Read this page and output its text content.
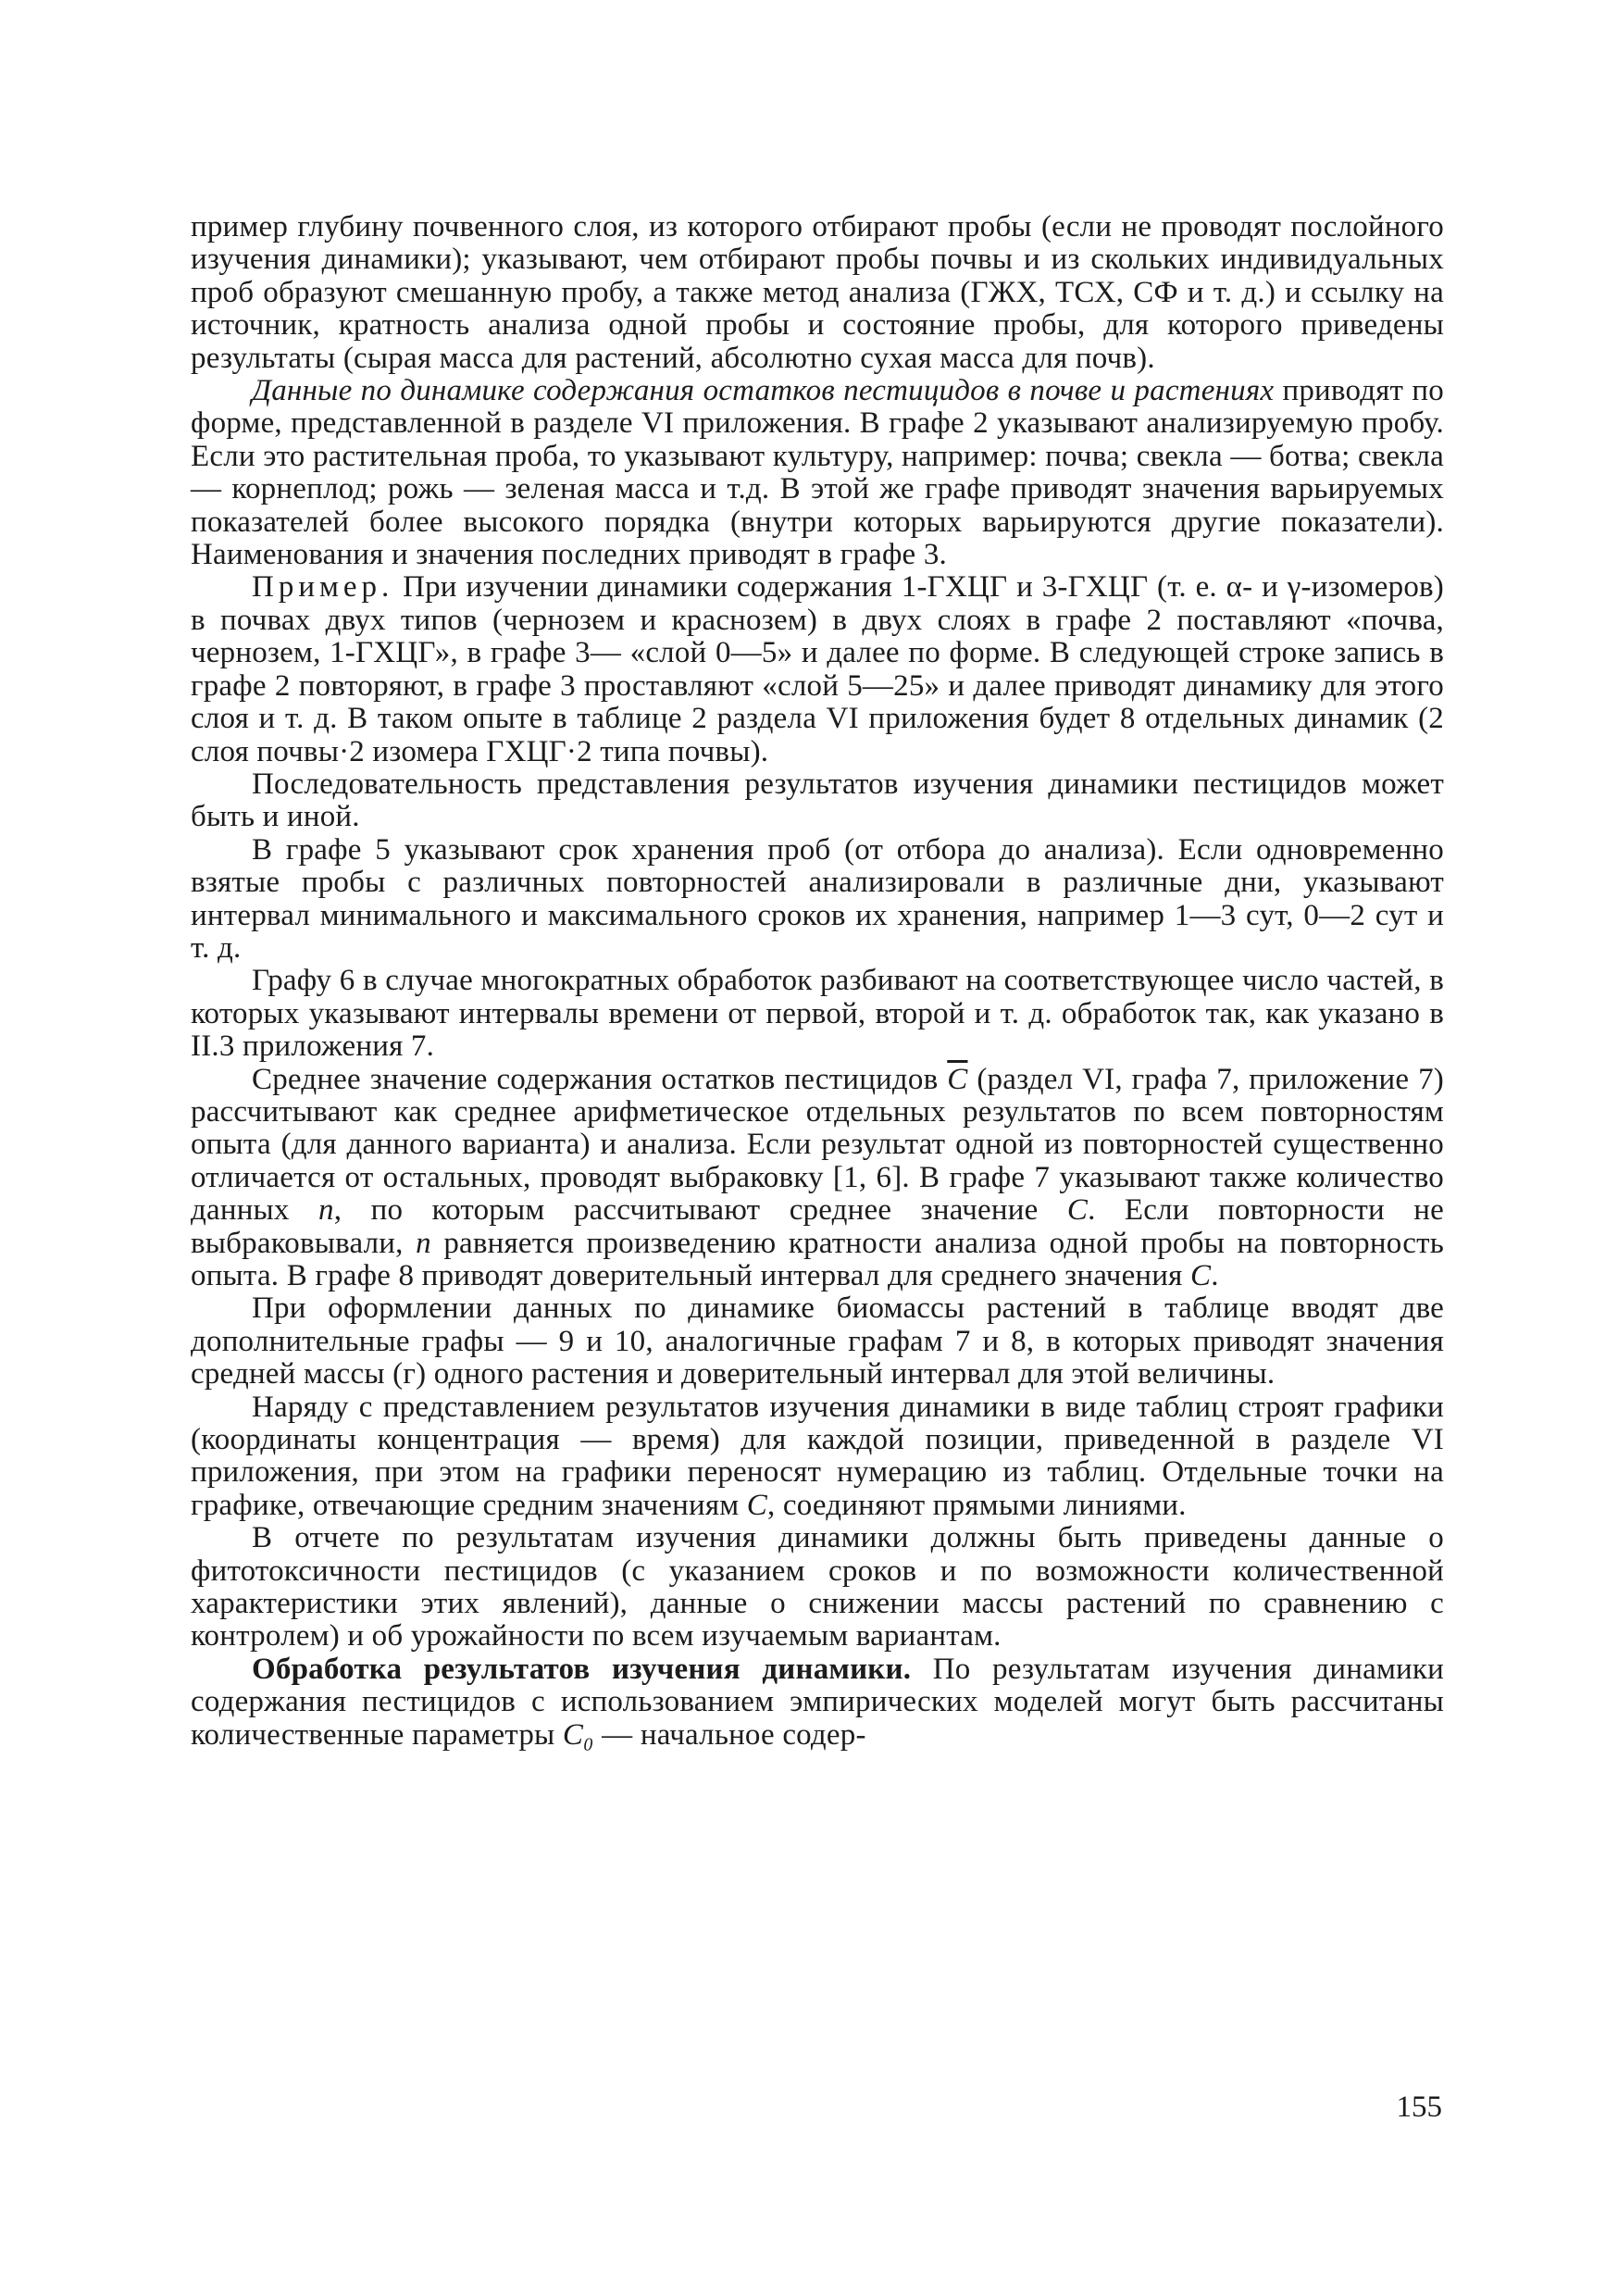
пример глубину почвенного слоя, из которого отбирают пробы (если не проводят послойного изучения динамики); указывают, чем отбирают пробы почвы и из скольких индивидуальных проб образуют смешанную пробу, а также метод анализа (ГЖХ, ТСХ, СФ и т. д.) и ссылку на источник, кратность анализа одной пробы и состояние пробы, для которого приведены результаты (сырая масса для растений, абсолютно сухая масса для почв).

Данные по динамике содержания остатков пестицидов в почве и растениях приводят по форме, представленной в разделе VI приложения. В графе 2 указывают анализируемую пробу. Если это растительная проба, то указывают культуру, например: почва; свекла — ботва; свекла — корнеплод; рожь — зеленая масса и т.д. В этой же графе приводят значения варьируемых показателей более высокого порядка (внутри которых варьируются другие показатели). Наименования и значения последних приводят в графе 3.

Пример. При изучении динамики содержания 1-ГХЦГ и 3-ГХЦГ (т. е. α- и γ-изомеров) в почвах двух типов (чернозем и краснозем) в двух слоях в графе 2 поставляют «почва, чернозем, 1-ГХЦГ», в графе 3— «слой 0—5» и далее по форме. В следующей строке запись в графе 2 повторяют, в графе 3 проставляют «слой 5—25» и далее приводят динамику для этого слоя и т. д. В таком опыте в таблице 2 раздела VI приложения будет 8 отдельных динамик (2 слоя почвы·2 изомера ГХЦГ·2 типа почвы).

Последовательность представления результатов изучения динамики пестицидов может быть и иной.

В графе 5 указывают срок хранения проб (от отбора до анализа). Если одновременно взятые пробы с различных повторностей анализировали в различные дни, указывают интервал минимального и максимального сроков их хранения, например 1—3 сут, 0—2 сут и т. д.

Графу 6 в случае многократных обработок разбивают на соответствующее число частей, в которых указывают интервалы времени от первой, второй и т. д. обработок так, как указано в II.3 приложения 7.

Среднее значение содержания остатков пестицидов $\overline{C}$ (раздел VI, графа 7, приложение 7) рассчитывают как среднее арифметическое отдельных результатов по всем повторностям опыта (для данного варианта) и анализа. Если результат одной из повторностей существенно отличается от остальных, проводят выбраковку [1, 6]. В графе 7 указывают также количество данных n, по которым рассчитывают среднее значение C. Если повторности не выбраковывали, n равняется произведению кратности анализа одной пробы на повторность опыта. В графе 8 приводят доверительный интервал для среднего значения C.

При оформлении данных по динамике биомассы растений в таблице вводят две дополнительные графы — 9 и 10, аналогичные графам 7 и 8, в которых приводят значения средней массы (г) одного растения и доверительный интервал для этой величины.

Наряду с представлением результатов изучения динамики в виде таблиц строят графики (координаты концентрация — время) для каждой позиции, приведенной в разделе VI приложения, при этом на графики переносят нумерацию из таблиц. Отдельные точки на графике, отвечающие средним значениям C, соединяют прямыми линиями.

В отчете по результатам изучения динамики должны быть приведены данные о фитотоксичности пестицидов (с указанием сроков и по возможности количественной характеристики этих явлений), данные о снижении массы растений по сравнению с контролем) и об урожайности по всем изучаемым вариантам.

Обработка результатов изучения динамики. По результатам изучения динамики содержания пестицидов с использованием эмпирических моделей могут быть рассчитаны количественные параметры C₀ — начальное содер-

155
